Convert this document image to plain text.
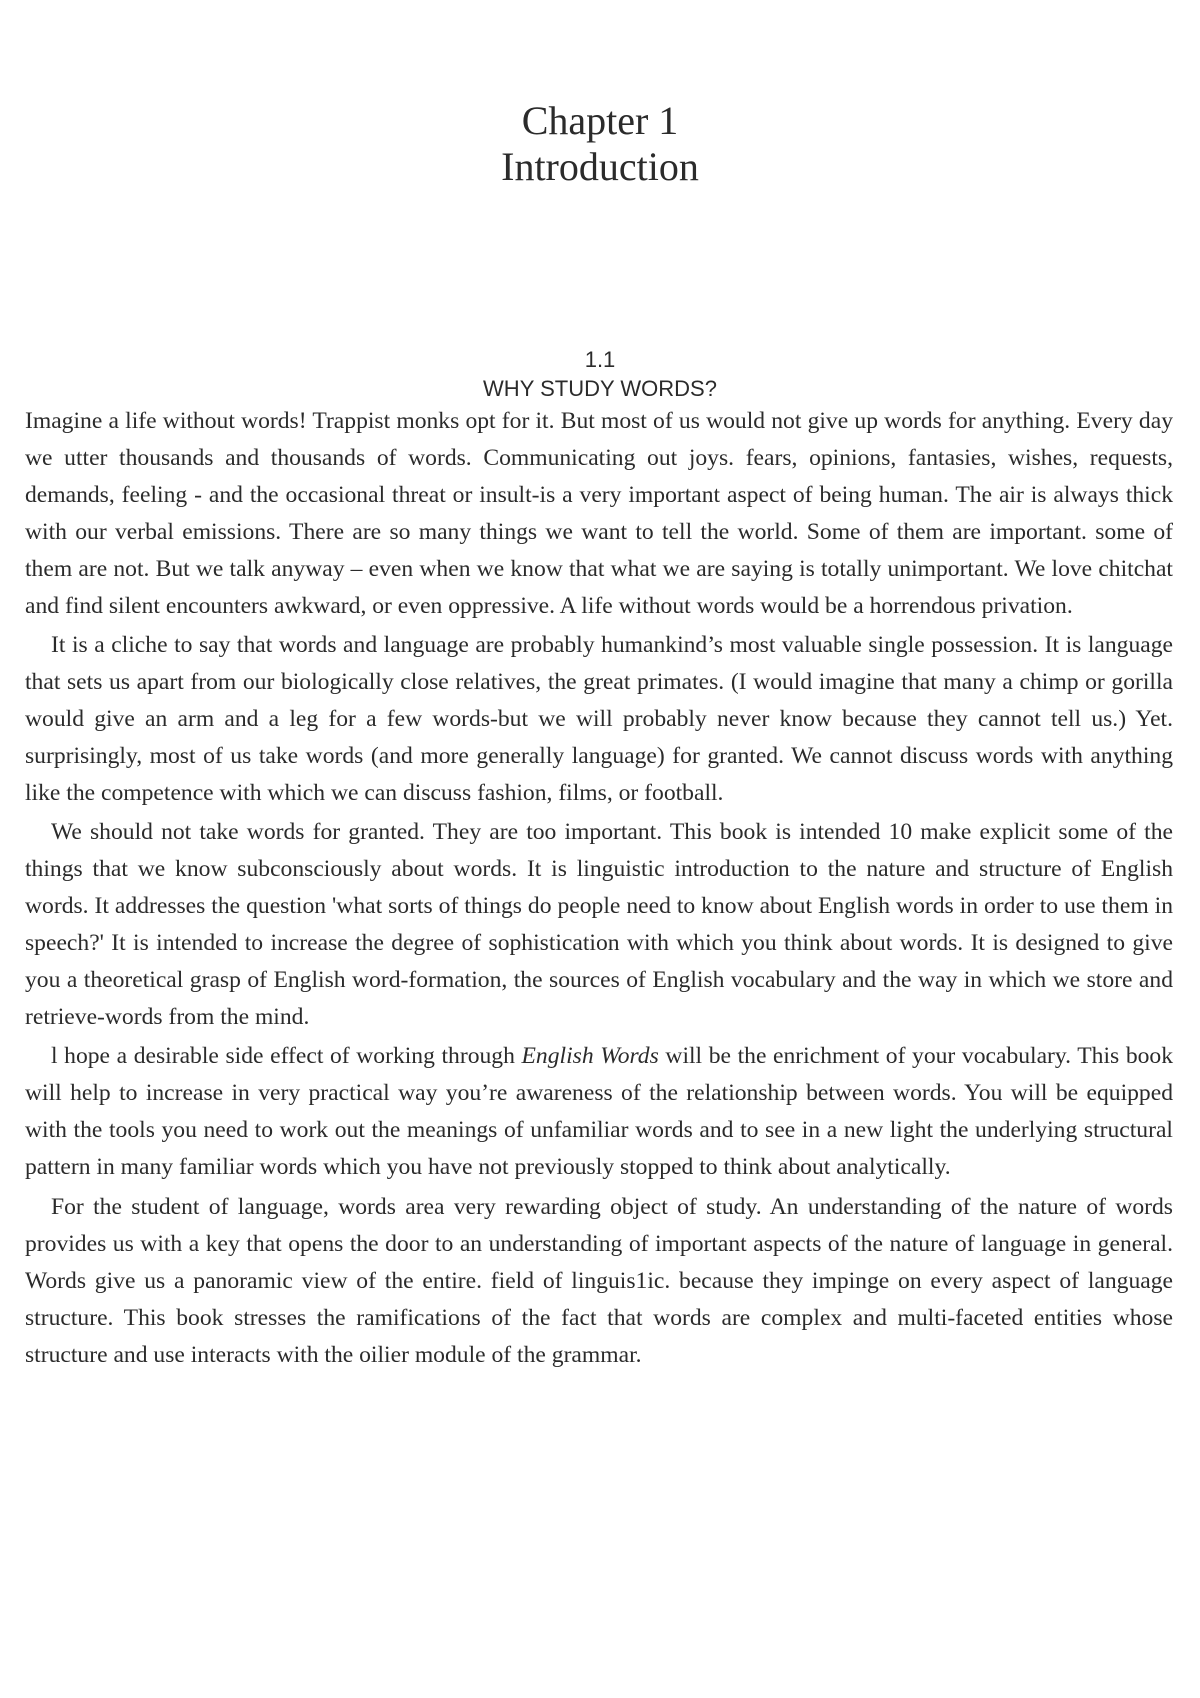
Chapter 1
Introduction
1.1
WHY STUDY WORDS?

Imagine a life without words! Trappist monks opt for it. But most of us would not give up words for anything. Every day we utter thousands and thousands of words. Communicating out joys. fears, opinions, fantasies, wishes, requests, demands, feeling - and the occasional threat or insult-is a very important aspect of being human. The air is always thick with our verbal emissions. There are so many things we want to tell the world. Some of them are important. some of them are not. But we talk anyway – even when we know that what we are saying is totally unimportant. We love chitchat and find silent encounters awkward, or even oppressive. A life without words would be a horrendous privation.

It is a cliche to say that words and language are probably humankind’s most valuable single possession. It is language that sets us apart from our biologically close relatives, the great primates. (I would imagine that many a chimp or gorilla would give an arm and a leg for a few words-but we will probably never know because they cannot tell us.) Yet. surprisingly, most of us take words (and more generally language) for granted. We cannot discuss words with anything like the competence with which we can discuss fashion, films, or football.

We should not take words for granted. They are too important. This book is intended 10 make explicit some of the things that we know subconsciously about words. It is linguistic introduction to the nature and structure of English words. It addresses the question 'what sorts of things do people need to know about English words in order to use them in speech?' It is intended to increase the degree of sophistication with which you think about words. It is designed to give you a theoretical grasp of English word-formation, the sources of English vocabulary and the way in which we store and retrieve-words from the mind.

l hope a desirable side effect of working through English Words will be the enrichment of your vocabulary. This book will help to increase in very practical way you’re awareness of the relationship between words. You will be equipped with the tools you need to work out the meanings of unfamiliar words and to see in a new light the underlying structural pattern in many familiar words which you have not previously stopped to think about analytically.

For the student of language, words area very rewarding object of study. An understanding of the nature of words provides us with a key that opens the door to an understanding of important aspects of the nature of language in general. Words give us a panoramic view of the entire. field of linguis1ic. because they impinge on every aspect of language structure. This book stresses the ramifications of the fact that words are complex and multi-faceted entities whose structure and use interacts with the oilier module of the grammar.
